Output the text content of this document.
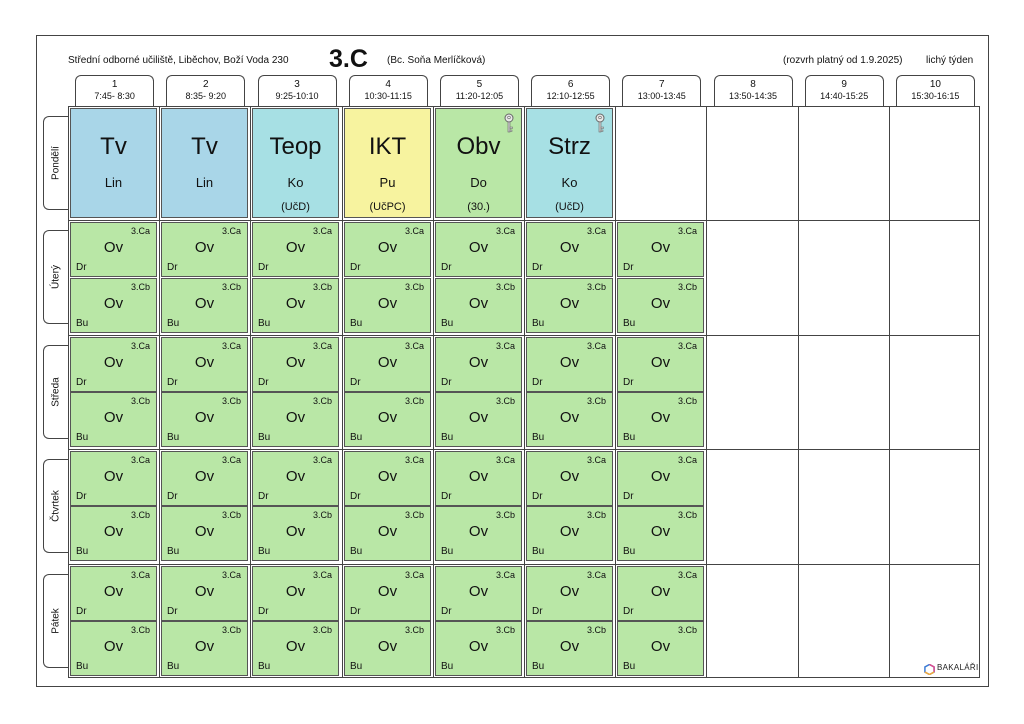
Střední odborné učiliště, Liběchov, Boží Voda 230 3.C (Bc. Soňa Merlíčková)	(rozvrh platný od 1.9.2025) lichý týden
1
7:45- 8:30
2
8:35- 9:20
3
9:25-10:10
4
10:30-11:15
5
11:20-12:05
6
12:10-12:55
7
13:00-13:45
8
13:50-14:35
9
14:40-15:25
10
15:30-16:15
Pondělí
Úterý
Středa
Čtvrtek
Pátek
Tv
Lin
Tv
Lin
Teop
Ko
(UčD)
IKT
Pu
(UčPC)
Obv
Do
(30.)
Strz
Ko
(UčD)
3.Ca
Ov
Dr
3.Cb
Ov
Bu
3.Ca
Ov
Dr
3.Cb
Ov
Bu
3.Ca
Ov
Dr
3.Cb
Ov
Bu
3.Ca
Ov
Dr
3.Cb
Ov
Bu
3.Ca
Ov
Dr
3.Cb
Ov
Bu
3.Ca
Ov
Dr
3.Cb
Ov
Bu
3.Ca
Ov
Dr
3.Cb
Ov
Bu
3.Ca
Ov
Dr
3.Cb
Ov
Bu
3.Ca
Ov
Dr
3.Cb
Ov
Bu
3.Ca
Ov
Dr
3.Cb
Ov
Bu
3.Ca
Ov
Dr
3.Cb
Ov
Bu
3.Ca
Ov
Dr
3.Cb
Ov
Bu
3.Ca
Ov
Dr
3.Cb
Ov
Bu
3.Ca
Ov
Dr
3.Cb
Ov
Bu
3.Ca
Ov
Dr
3.Cb
Ov
Bu
3.Ca
Ov
Dr
3.Cb
Ov
Bu
3.Ca
Ov
Dr
3.Cb
Ov
Bu
3.Ca
Ov
Dr
3.Cb
Ov
Bu
3.Ca
Ov
Dr
3.Cb
Ov
Bu
3.Ca
Ov
Dr
3.Cb
Ov
Bu
3.Ca
Ov
Dr
3.Cb
Ov
Bu
3.Ca
Ov
Dr
3.Cb
Ov
Bu
3.Ca
Ov
Dr
3.Cb
Ov
Bu
3.Ca
Ov
Dr
3.Cb
Ov
Bu
3.Ca
Ov
Dr
3.Cb
Ov
Bu
3.Ca
Ov
Dr
3.Cb
Ov
Bu
3.Ca
Ov
Dr
3.Cb
Ov
Bu
3.Ca
Ov
Dr
3.Cb
Ov
Bu	BAKALÁŘI
